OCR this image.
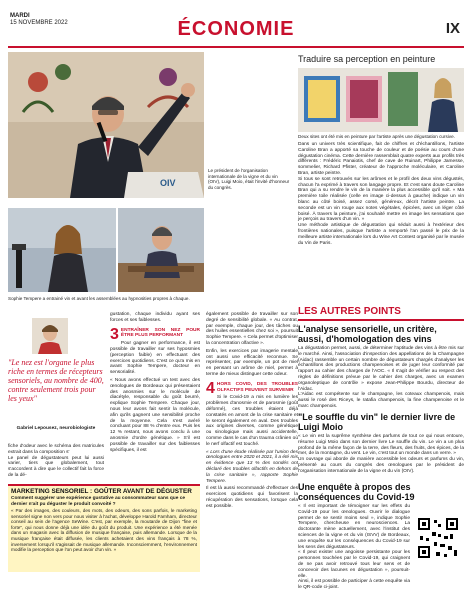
MARDI
15 NOVEMBRE 2022	ÉCONOMIE	IX
OIV
Le président de l'organisation internationale de la vigne et du vin (OIV), Luigi Moio, était l'invité d'honneur du congrès.
Sophie Tempere a entrainé vin et avant les assemblées au hypnosities propres à chaque.
Traduire sa perception en peinture
Deux sites ont été mis en peinture par l'artiste après une dégustation cursive.
Dans un univers très scientifique, fait de chiffres et d'échantillons, l'artiste Caroline Bran a apporté sa touche de couleur et de poésie au cours d'une dégustation cinéma. Cette dernière rassemblait quatre experts aux profils très différents : Frédéric Panaiotis, chef de cave de Ruinart, Philippe Jamesse, sommelier, Richard Pfister, créateur de l'approche moléculaire, et Caroline Bran, artiste peintre.
Si tous se sont retrouvés sur les arômes et le profil des deux vins dégustés, chacun l'a exprimé à travers son langage propre. Et c'est sans doute Caroline Bran qui a su rendre le vin de la manière la plus accessible qu'il soit. « Ma première toile réalisée (celle en image ci-dessus à gauche) indique un vin blanc au côté boisé, assez corsé, généreux, décrit l'artiste peintre. La seconde est un vin rouge aux notes végétales, épicées, avec un léger côté boisé. À travers la peinture, j'ai souhaité mettre en image les sensations que je perçois au travers d'un vin. »
Une méthode artistique de dégustation qui séduit aussi à l'extérieur des frontières nationales, puisque l'artiste a remporté l'an passé le prix de la meilleure artiste internationale lors du Wine Art Contest organisé par le musée du Vin de Paris.
"Le nez est l'organe le plus riche en termes de récepteurs sensoriels, au nombre de 400, contre seulement trois pour les yeux"
Gabriel Lepousez, neurobiologiste
fiche d'odeur avec le schéma des matricules extrait dans la composition s'
Le panel de dégustateurs peut lui aussi varier, tiers que globalement, tout s'accordent à dire que le collectif fait la force de la dé-
gustation, chaque individu ayant ses forces et ses faiblesses.
3 ENTRAÎNER SON NEZ POUR ÊTRE PLUS PERFORMANT
Pour gagner en performance, il est possible de travailler sur ses hyposmies (perception faible) en effectuant des exercices quotidiens. C'est ce qu'a mis en avant Sophie Tempere, docteur en sensorialité.
« Nous avons effectué un test avec des œnologues de Bordeaux qui présentaient des anosmies sur le molécule de diacétyle, responsable du goût beurré, explique Sophie Tempere. Chaque jour, nous leur avons fait sentir la molécule, afin qu'ils gagnent une sensibilité proche de la moyenne. Cela s'est avéré concluant pour 88 % d'entre eux. Puis les 12 % restant, nous avons conclu à une anosmie d'ordre génétique. » S'il est possible de travailler sur des faiblesses spécifiques, il est
également possible de travailler sur son degré de sensibilité globale. « Au contrat, par exemple, chaque jour, des tâches ou des huiles essentielles chez soi », poursuit Sophie Tempere. « Cela permet d'optimiser la concentration olfactive ».
Enfin, les exercices par imagerie mentale ont aussi une efficacité reconnue. Se représenter, par exemple, un pot de miel en pensant un arôme de miel, permet à terme de mieux distinguer cette odeur.
4 HORS COVID, DES TROUBLES OLFACTIFS PEUVENT SURVENIR
Si le Covid-19 a mis en lumière les problèmes d'anosmie et de parosmie (goût déformé), ces troubles étaient déjà constatés en amont de la crise sanitaire et le seront également en aval. Des troubles aux origines diverses, comme génétique ou sinologique mais aussi accidentelle, comme dans le cas d'un trauma crânien où le nerf olfactif est touché.
« Lors d'une étude réalisée par l'union des œnologues entre 2020 et 2021, il a été mis en évidence que 13 % des sondés ont déclaré des troubles olfactifs en dehors de la crise sanitaire », rapporte Sophie Tempere.
Il est là aussi recommandé d'effectuer des exercices quotidiens qui favorisent la récupération des sensations, lorsque cela est possible.
MARKETING SENSORIEL : GOÛTER AVANT DE DÉGUSTER
Comment suggérer une expérience gustative au consommateur sans que ce dernier n'ait pu déguster le produit convoité ?
« Par des images, des couleurs, des mots, des odeurs, des sons parfois, le marketing sensoriel signe non vers pour nous visiter à l'achat, développe Harold Famham, directeur conseil au sein de l'agence SeWine. C'est, par exemple, la moutarde de Dijon "fine et forte", qui nous donne déjà une idée du goût du produit. Une expérience a été menée dans un magasin avec la diffusion de musique française, puis allemande. Lorsque de la musique française était diffusée, les clients achetaient des vins français à 78 %, inversement lorsqu'il s'agissait de musique allemande. Inconsciemment, l'environnement modifie la perception que l'on peut avoir d'un vin. »
LES AUTRES POINTS
L'analyse sensorielle, un critère, aussi, d'homologation des vins
La dégustation permet, aussi, de déterminer l'aptitude des vins à être mis sur le marché. Ainsi, l'association d'inspection des appellations de la Champagne (Aidac) rassemble un certain nombre de dégustateurs chargés d'analyser les échantillons des productions champenoises et de juger leur conformité par rapport au cahier des charges de l'AOC. « Il s'agit de vérifier au respect des règles de définitions prévue par le cahier des charges, avec un examen organoleptique de contrôle » expose Jean-Philippe Bourdu, directeur de l'Aidac.
L'Aidac est compétente sur le champagne, les coteaux champenois, mais aussi le rosé des Riceys, le ratafia champenois, la fine champenoise et le marc champenois.
"Le souffle du vin" le dernier livre de Luigi Moio
« Le vin est la suprême synthèse des parfums de tout ce qui nous entoure, résume Luigi Moio dans son dernier livre Le souffle du vin. Le vin a un plus profond de la même façon de la terre, des fleurs, des fruits, des épices, de la mer, de la montagne, du vent. Le vin, c'est tout un monde dans un verre. »
Un ouvrage qui aborde de manière accessible les odeurs et parfums du vin, présenté au cours du congrès des œnologues par le président de l'organisation internationale de la vigne et du vin (OIV).
Une enquête à propos des conséquences du Covid-19
« Il est important de témoigner sur les effets du Covid-19 pour les œnologues. Ouvrir le dialogue permet de se sentir moins seul », indique Sophie Tempere, chercheuse en neurosciences. La doctorante mène actuellement, avec l'institut des sciences de la vigne et du vin (ISVV) de Bordeaux, une enquête sur les conséquences du Covid-19 sur les sens des dégustateurs.
« Il peut exister une angoisse persistante pour les personnes touchées par le Covid-19, qui craignent de ne pas avoir retrouvé tous leur sens et de concevoir des lacunes en dégustation », poursuit-elle.
Ainsi, il est possible de participer à cette enquête via le QR-code ci-joint.
